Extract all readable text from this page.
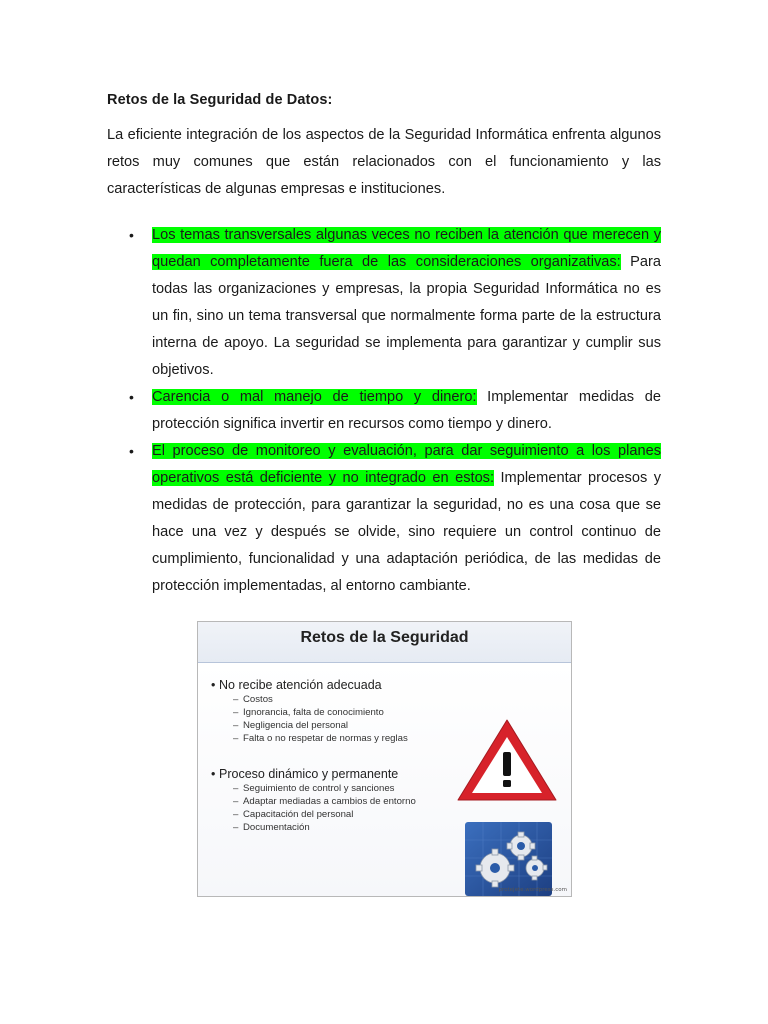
Retos de la Seguridad de Datos:
La eficiente integración de los aspectos de la Seguridad Informática enfrenta algunos retos muy comunes que están relacionados con el funcionamiento y las características de algunas empresas e instituciones.
• Los temas transversales algunas veces no reciben la atención que merecen y quedan completamente fuera de las consideraciones organizativas: Para todas las organizaciones y empresas, la propia Seguridad Informática no es un fin, sino un tema transversal que normalmente forma parte de la estructura interna de apoyo. La seguridad se implementa para garantizar y cumplir sus objetivos.
• Carencia o mal manejo de tiempo y dinero: Implementar medidas de protección significa invertir en recursos como tiempo y dinero.
• El proceso de monitoreo y evaluación, para dar seguimiento a los planes operativos está deficiente y no integrado en estos: Implementar procesos y medidas de protección, para garantizar la seguridad, no es una cosa que se hace una vez y después se olvide, sino requiere un control continuo de cumplimiento, funcionalidad y una adaptación periódica, de las medidas de protección implementadas, al entorno cambiante.
Retos de la Seguridad
• No recibe atención adecuada
– Costos
– Ignorancia, falta de conocimiento
– Negligencia del personal
– Falta o no respetar de normas y reglas
• Proceso dinámico y permanente
– Seguimiento de control y sanciones
– Adaptar mediadas a cambios de entorno
– Capacitación del personal
– Documentación
protejete.wordpress.com
